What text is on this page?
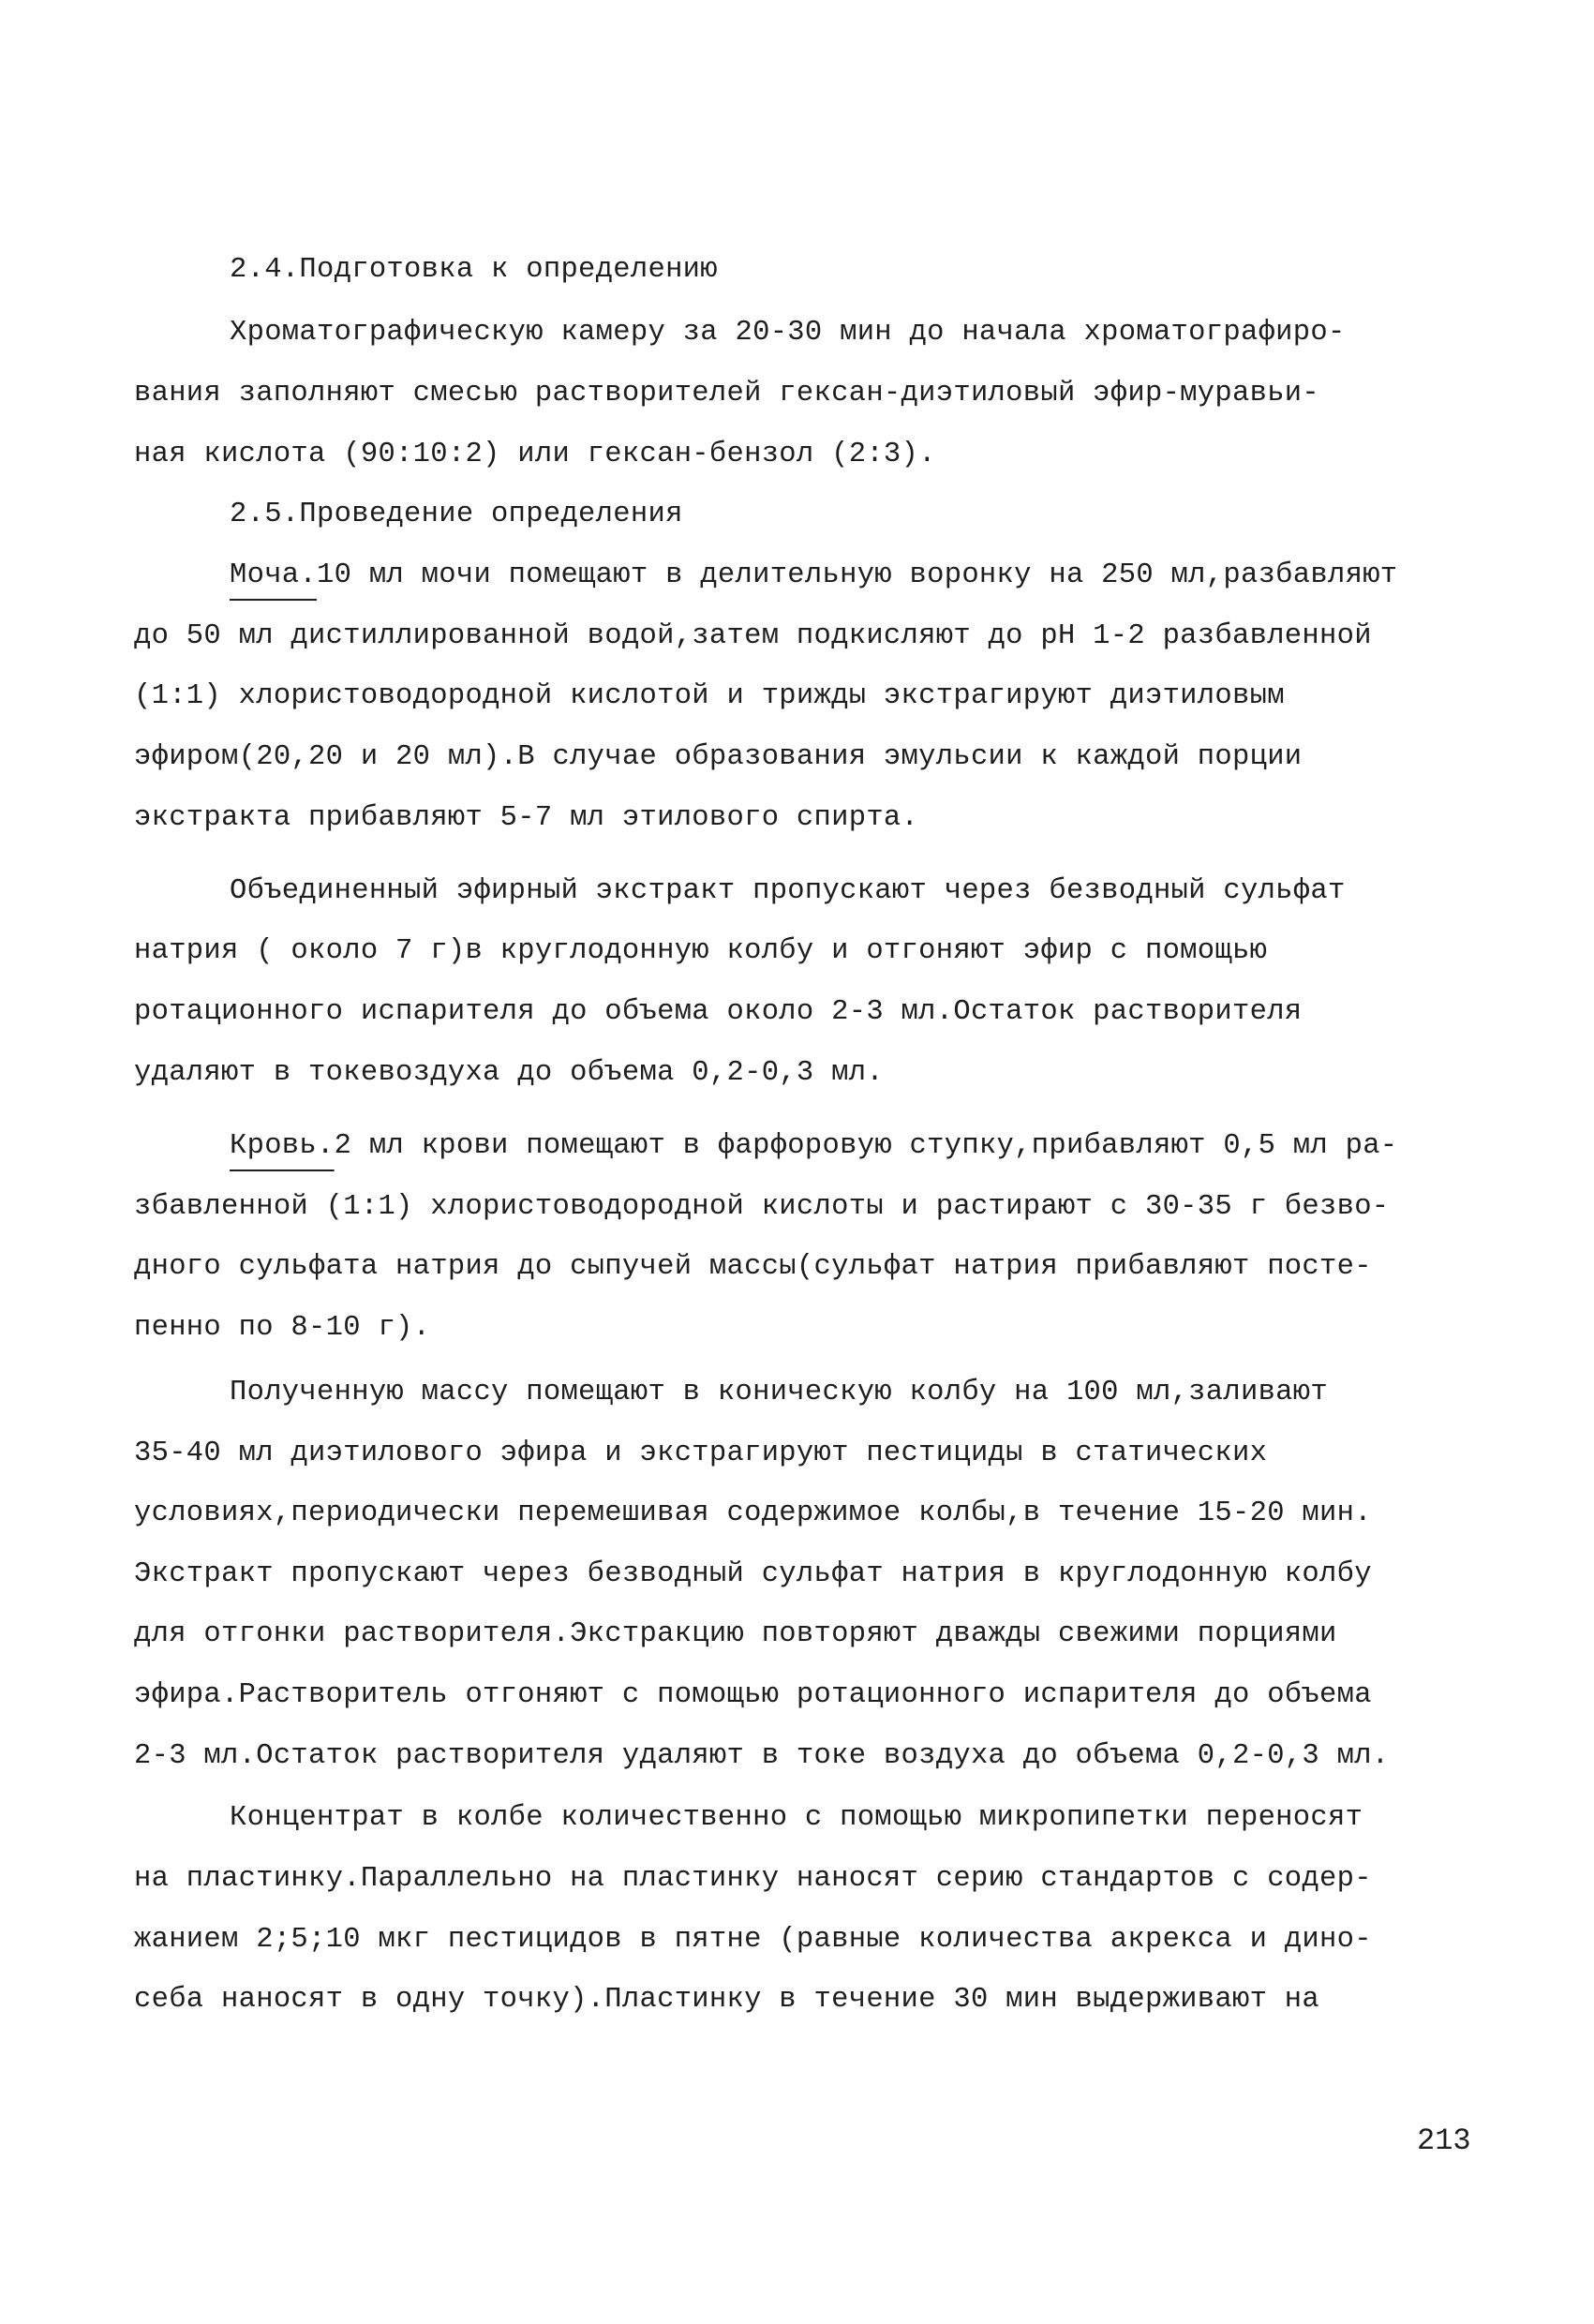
2.4.Подготовка к определению
Хроматографическую камеру за 20-30 мин до начала хроматографиро-
вания заполняют смесью растворителей гексан-диэтиловый эфир-муравьи-
ная кислота (90:10:2) или гексан-бензол (2:3).
2.5.Проведение определения
Моча.10 мл мочи помещают в делительную воронку на 250 мл,разбавляют
до 50 мл дистиллированной водой,затем подкисляют до pH 1-2 разбавленной
(1:1) хлористоводородной кислотой и трижды экстрагируют диэтиловым
эфиром(20,20 и 20 мл).В случае образования эмульсии к каждой порции
экстракта прибавляют 5-7 мл этилового спирта.
Объединенный эфирный экстракт пропускают через безводный сульфат
натрия ( около 7 г)в круглодонную колбу и отгоняют эфир с помощью
ротационного испарителя до объема около 2-3 мл.Остаток растворителя
удаляют в токевоздуха до объема 0,2-0,3 мл.
Кровь.2 мл крови помещают в фарфоровую ступку,прибавляют 0,5 мл ра-
збавленной (1:1) хлористоводородной кислоты и растирают с 30-35 г безво-
дного сульфата натрия до сыпучей массы(сульфат натрия прибавляют посте-
пенно по 8-10 г).
Полученную массу помещают в коническую колбу на 100 мл,заливают
35-40 мл диэтилового эфира и экстрагируют пестициды в статических
условиях,периодически перемешивая содержимое колбы,в течение 15-20 мин.
Экстракт пропускают через безводный сульфат натрия в круглодонную колбу
для отгонки растворителя.Экстракцию повторяют дважды свежими порциями
эфира.Растворитель отгоняют с помощью ротационного испарителя до объема
2-3 мл.Остаток растворителя удаляют в токе воздуха до объема 0,2-0,3 мл.
Концентрат в колбе количественно с помощью микропипетки переносят
на пластинку.Параллельно на пластинку наносят серию стандартов с содер-
жанием 2;5;10 мкг пестицидов в пятне (равные количества акрекса и дино-
себа наносят в одну точку).Пластинку в течение 30 мин выдерживают на
213
